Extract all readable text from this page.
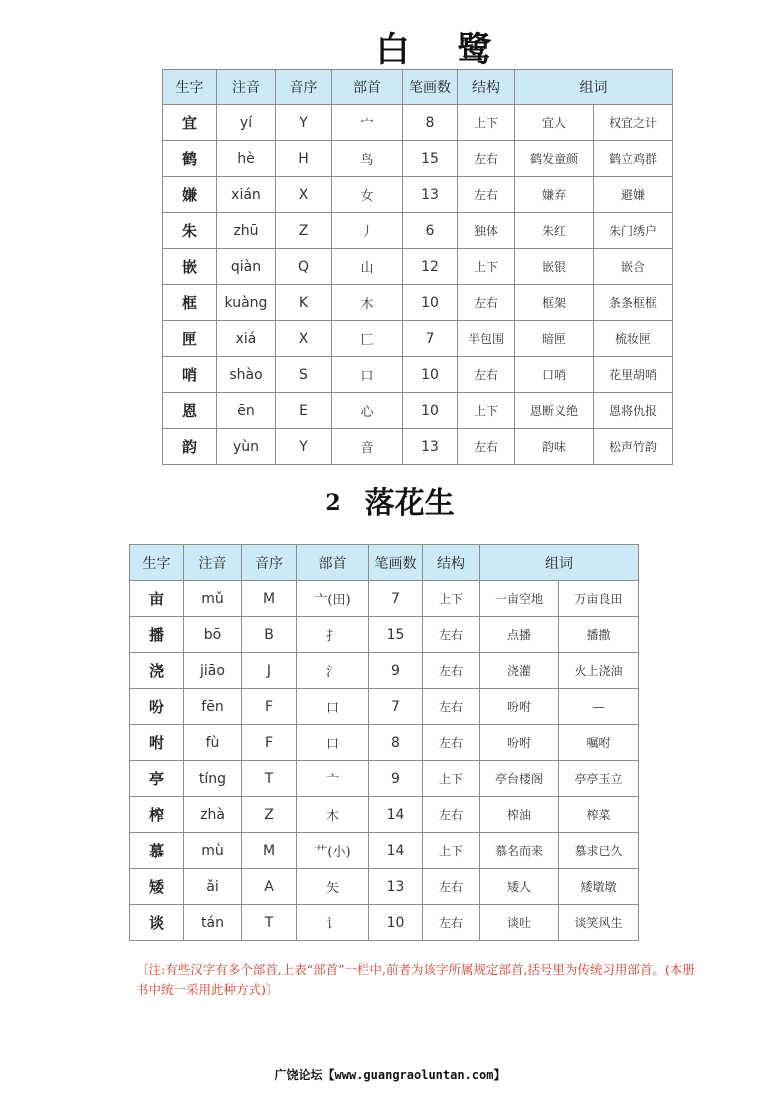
白 鹭
生字	注音	音序	部首	笔画数	结构	组词	
宜	yí	Y	宀	8	上下	宜人	权宜之计
鹤	hè	H	鸟	15	左右	鹤发童颜	鹤立鸡群
嫌	xián	X	女	13	左右	嫌弃	避嫌
朱	zhū	Z	丿	6	独体	朱红	朱门绣户
嵌	qiàn	Q	山	12	上下	嵌银	嵌合
框	kuàng	K	木	10	左右	框架	条条框框
匣	xiá	X	匚	7	半包围	暗匣	梳妆匣
哨	shào	S	口	10	左右	口哨	花里胡哨
恩	ēn	E	心	10	上下	恩断义绝	恩将仇报
韵	yùn	Y	音	13	左右	韵味	松声竹韵
2 落花生
生字	注音	音序	部首	笔画数	结构	组词	
亩	mǔ	M	亠(田)	7	上下	一亩空地	万亩良田
播	bō	B	扌	15	左右	点播	播撒
浇	jiāo	J	氵	9	左右	浇灌	火上浇油
吩	fēn	F	口	7	左右	吩咐	—
咐	fù	F	口	8	左右	吩咐	嘱咐
亭	tíng	T	亠	9	上下	亭台楼阁	亭亭玉立
榨	zhà	Z	木	14	左右	榨油	榨菜
慕	mù	M	艹(小)	14	上下	慕名而来	慕求已久
矮	ǎi	A	矢	13	左右	矮人	矮墩墩
谈	tán	T	讠	10	左右	谈吐	谈笑风生
〔注:有些汉字有多个部首,上表“部首”一栏中,前者为该字所属规定部首,括号里为传统习用部首。(本册书中统一采用此种方式)〕
广饶论坛【www.guangraoluntan.com】
